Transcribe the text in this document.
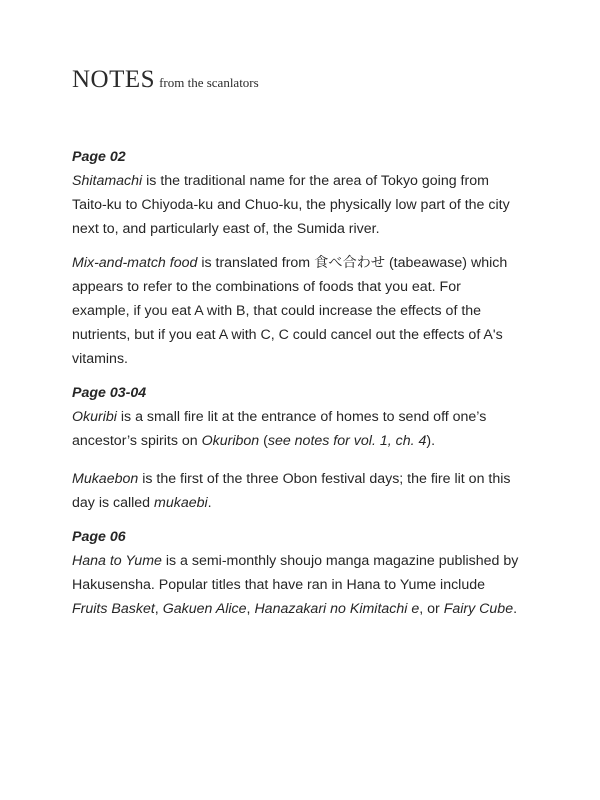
NOTES from the scanlators
Page 02

Shitamachi is the traditional name for the area of Tokyo going from Taito-ku to Chiyoda-ku and Chuo-ku, the physically low part of the city next to, and particularly east of, the Sumida river.

Mix-and-match food is translated from 食べ合わせ (tabeawase) which appears to refer to the combinations of foods that you eat. For example, if you eat A with B, that could increase the effects of the nutrients, but if you eat A with C, C could cancel out the effects of A's vitamins.

Page 03-04

Okuribi is a small fire lit at the entrance of homes to send off one’s ancestor’s spirits on Okuribon (see notes for vol. 1, ch. 4).

Mukaebon is the first of the three Obon festival days; the fire lit on this day is called mukaebi.

Page 06

Hana to Yume is a semi-monthly shoujo manga magazine published by Hakusensha. Popular titles that have ran in Hana to Yume include Fruits Basket, Gakuen Alice, Hanazakari no Kimitachi e, or Fairy Cube.
